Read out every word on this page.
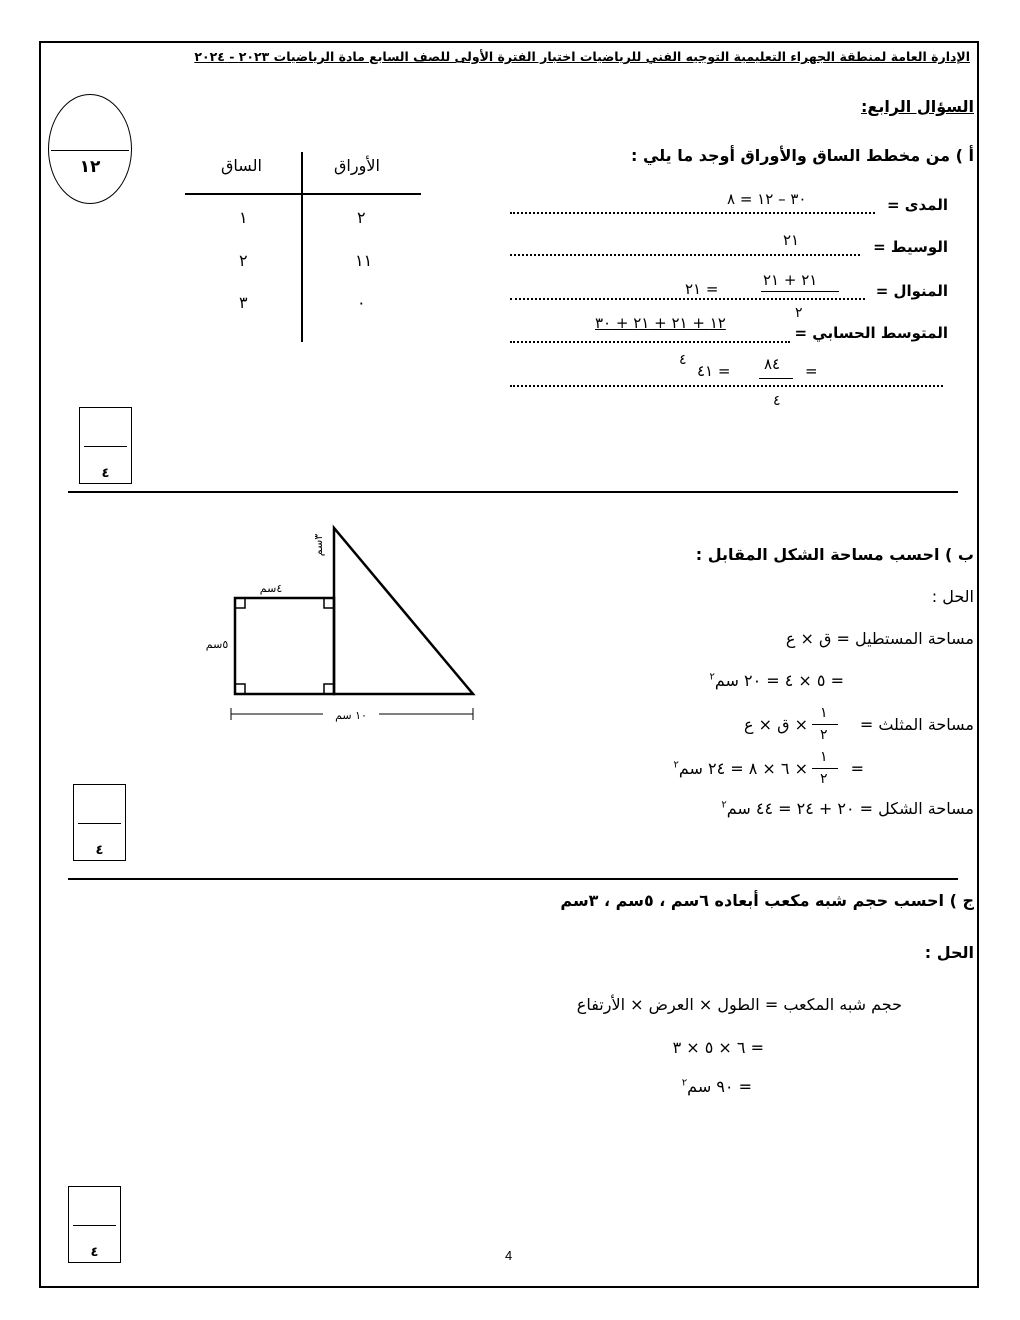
الإدارة العامة لمنطقة الجهراء التعليمية التوجيه الفني للرياضيات اختبار الفترة الأولى للصف السابع مادة الرياضيات ٢٠٢٣ - ٢٠٢٤
السؤال الرابع:
١٢
أ ) من مخطط الساق والأوراق أوجد ما يلي :
الساق	الأوراق
١	٢
٢	١١
٣	٠
المدى =
٣٠ – ١٢ = ٨
الوسيط =
٢١
المنوال =
٢١ + ٢١
٢
= ٢١
المتوسط الحسابي =
١٢ + ٢١ + ٢١ + ٣٠
٤
=
٨٤
٤
= ٤١
٤
ب ) احسب مساحة الشكل المقابل :
الحل :
مساحة المستطيل = ق × ع
= ٥ × ٤ = ٢٠ سم$^٢$
مساحة المثلث =
١
٢
× ق × ع
=
١
٢
× ٦ × ٨ = ٢٤ سم$^٢$
مساحة الشكل = ٢٠ + ٢٤ = ٤٤ سم$^٢$
١٠ سم
٤سم
٥سم
٣سم
٤
ج ) احسب حجم شبه مكعب أبعاده ٦سم ، ٥سم ، ٣سم
الحل :
حجم شبه المكعب = الطول × العرض × الأرتفاع
= ٦ × ٥ × ٣
= ٩٠ سم$^٢$
٤	4
